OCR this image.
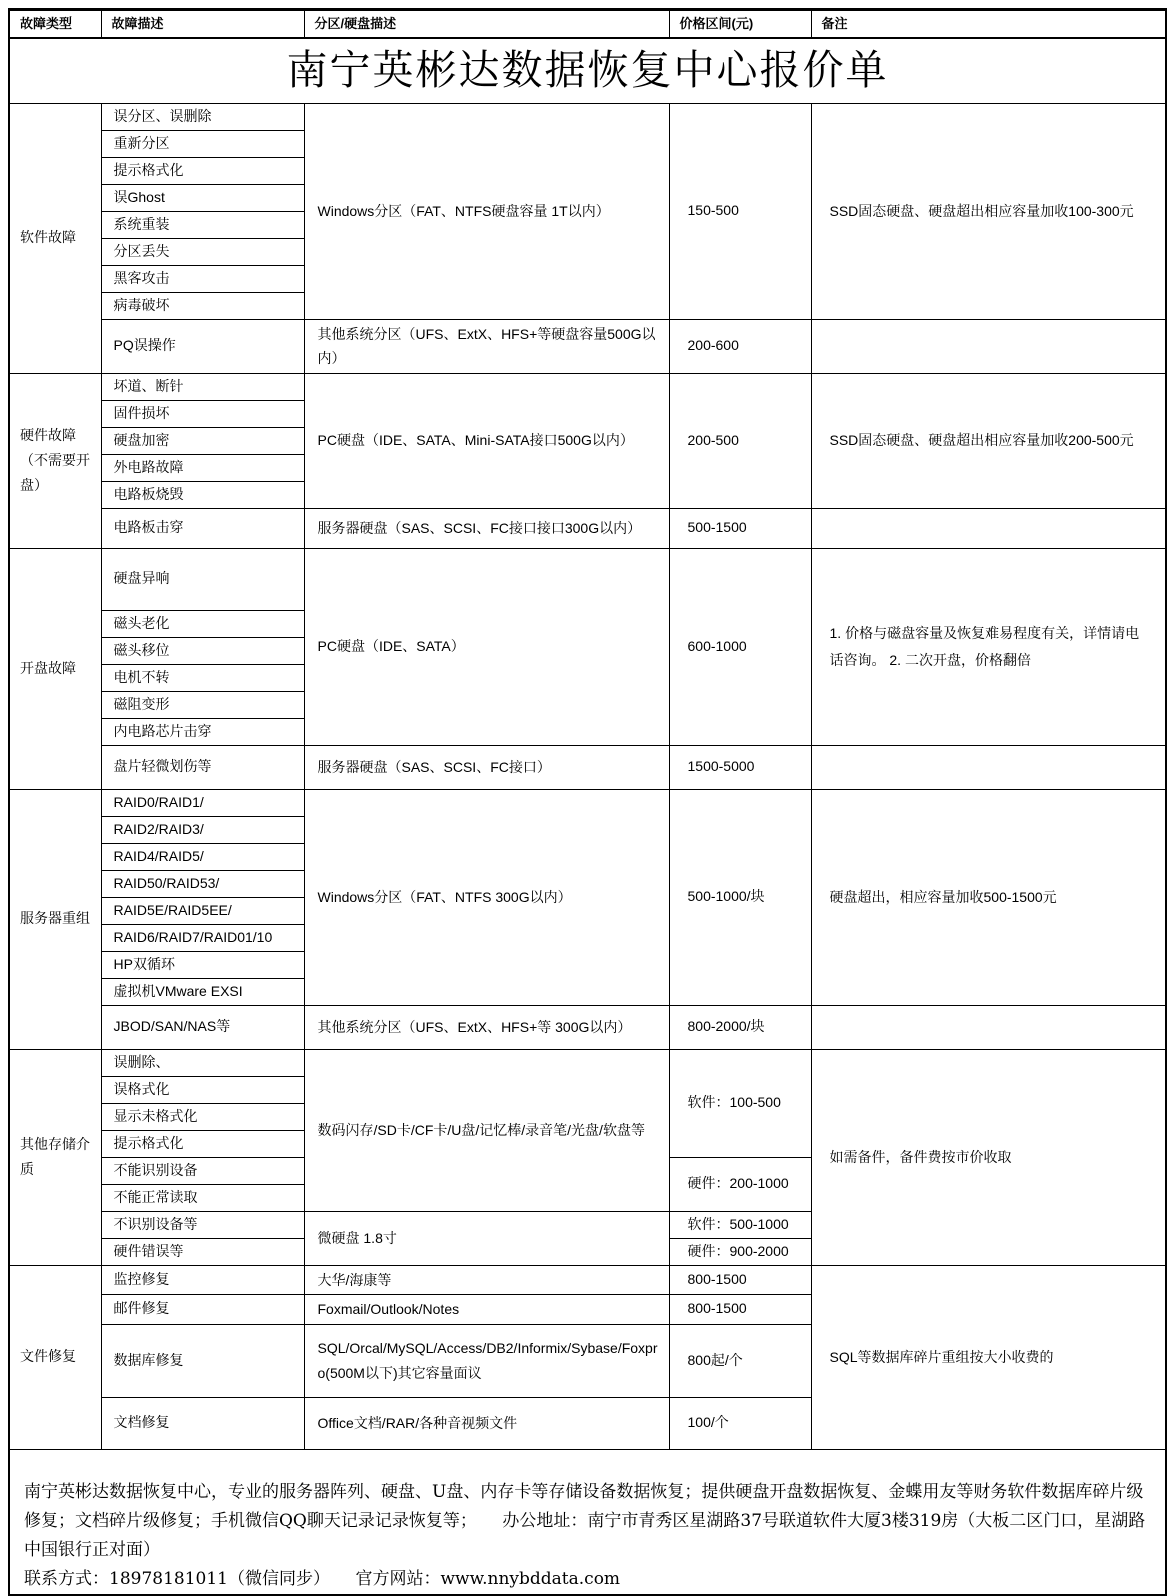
南宁英彬达数据恢复中心报价单				
故障类型	故障描述	分区/硬盘描述	价格区间(元)	备注
软件故障	误分区、误删除	Windows分区（FAT、NTFS硬盘容量 1T以内）	150-500	SSD固态硬盘、硬盘超出相应容量加收100-300元
	重新分区			
	提示格式化			
	误Ghost			
	系统重装			
	分区丢失			
	黑客攻击			
	病毒破坏			
	PQ误操作	其他系统分区（UFS、ExtX、HFS+等硬盘容量500G以内）	200-600	
硬件故障（不需要开盘）	坏道、断针	PC硬盘（IDE、SATA、Mini-SATA接口500G以内）	200-500	SSD固态硬盘、硬盘超出相应容量加收200-500元
	固件损坏			
	硬盘加密			
	外电路故障			
	电路板烧毁			
	电路板击穿	服务器硬盘（SAS、SCSI、FC接口接口300G以内）	500-1500	
开盘故障	硬盘异响	PC硬盘（IDE、SATA）	600-1000	1. 价格与磁盘容量及恢复难易程度有关，详情请电话咨询。 2. 二次开盘，价格翻倍
	磁头老化			
	磁头移位			
	电机不转			
	磁阻变形			
	内电路芯片击穿			
	盘片轻微划伤等	服务器硬盘（SAS、SCSI、FC接口）	1500-5000	
服务器重组	RAID0/RAID1/	Windows分区（FAT、NTFS 300G以内）	500-1000/块	硬盘超出，相应容量加收500-1500元
	RAID2/RAID3/			
	RAID4/RAID5/			
	RAID50/RAID53/			
	RAID5E/RAID5EE/			
	RAID6/RAID7/RAID01/10			
	HP双循环			
	虚拟机VMware EXSI			
	JBOD/SAN/NAS等	其他系统分区（UFS、ExtX、HFS+等 300G以内）	800-2000/块	
其他存储介质	误删除、	数码闪存/SD卡/CF卡/U盘/记忆棒/录音笔/光盘/软盘等	软件：100-500	如需备件，备件费按市价收取
	误格式化			
	显示未格式化			
	提示格式化			
	不能识别设备		硬件：200-1000	
	不能正常读取			
	不识别设备等	微硬盘 1.8寸	软件：500-1000	
	硬件错误等		硬件：900-2000	
文件修复	监控修复	大华/海康等	800-1500	SQL等数据库碎片重组按大小收费的
	邮件修复	Foxmail/Outlook/Notes	800-1500	
	数据库修复	SQL/Orcal/MySQL/Access/DB2/Informix/Sybase/Foxpro(500M以下)其它容量面议	800起/个	
	文档修复	Office文档/RAR/各种音视频文件	100/个	

南宁英彬达数据恢复中心，专业的服务器阵列、硬盘、U盘、内存卡等存储设备数据恢复；提供硬盘开盘数据恢复、金蝶用友等财务软件数据库碎片级修复；文档碎片级修复；手机微信QQ聊天记录记录恢复等；　　办公地址：南宁市青秀区星湖路37号联道软件大厦3楼319房（大板二区门口，星湖路中国银行正对面）

联系方式：18978181011（微信同步）　　官方网站：www.nnybddata.com				
